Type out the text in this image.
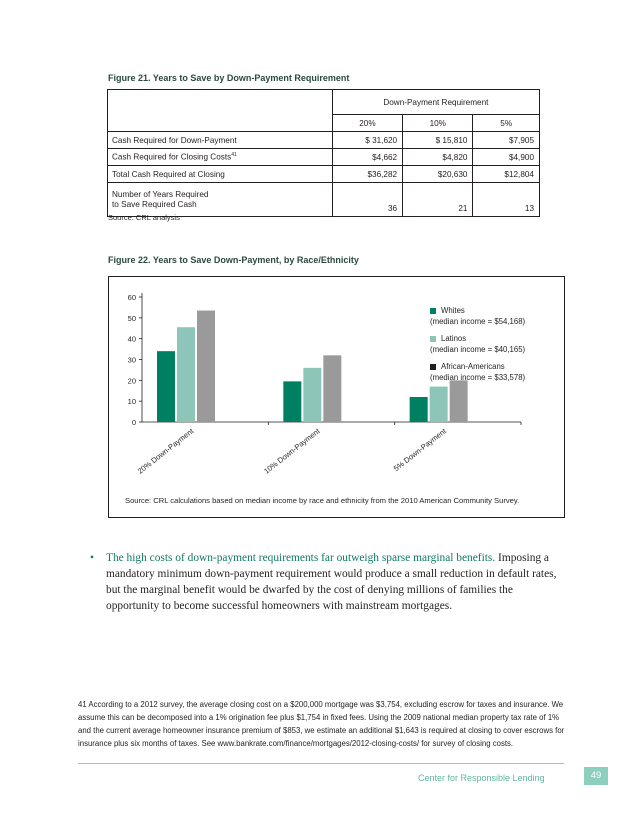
Figure 21. Years to Save by Down-Payment Requirement
	Down-Payment Requirement		
	20%	10%	5%
Cash Required for Down-Payment	$ 31,620	$ 15,810	$7,905
Cash Required for Closing Costs$^{41}$	$4,662	$4,820	$4,900
Total Cash Required at Closing	$36,282	$20,630	$12,804
Number of Years Required
to Save Required Cash	36	21	13
Source: CRL analysis
Figure 22. Years to Save Down-Payment, by Race/Ethnicity
0
10
20
30
40
50
60
20% Down-Payment	10% Down-Payment	5% Down-Payment
Whites
(median income = $54,168)
Latinos
(median income = $40,165)
African-Americans
(median income = $33,578)
Source: CRL calculations based on median income by race and ethnicity from the 2010 American Community Survey.
• The high costs of down-payment requirements far outweigh sparse marginal benefits. Imposing a mandatory minimum down-payment requirement would produce a small reduction in default rates, but the marginal benefit would be dwarfed by the cost of denying millions of families the opportunity to become successful homeowners with mainstream mortgages.
41 According to a 2012 survey, the average closing cost on a $200,000 mortgage was $3,754, excluding escrow for taxes and insurance. We assume this can be decomposed into a 1% origination fee plus $1,754 in fixed fees. Using the 2009 national median property tax rate of 1% and the current average homeowner insurance premium of $853, we estimate an additional $1,643 is required at closing to cover escrows for insurance plus six months of taxes. See www.bankrate.com/finance/mortgages/2012-closing-costs/ for survey of closing costs.
Center for Responsible Lending	49
